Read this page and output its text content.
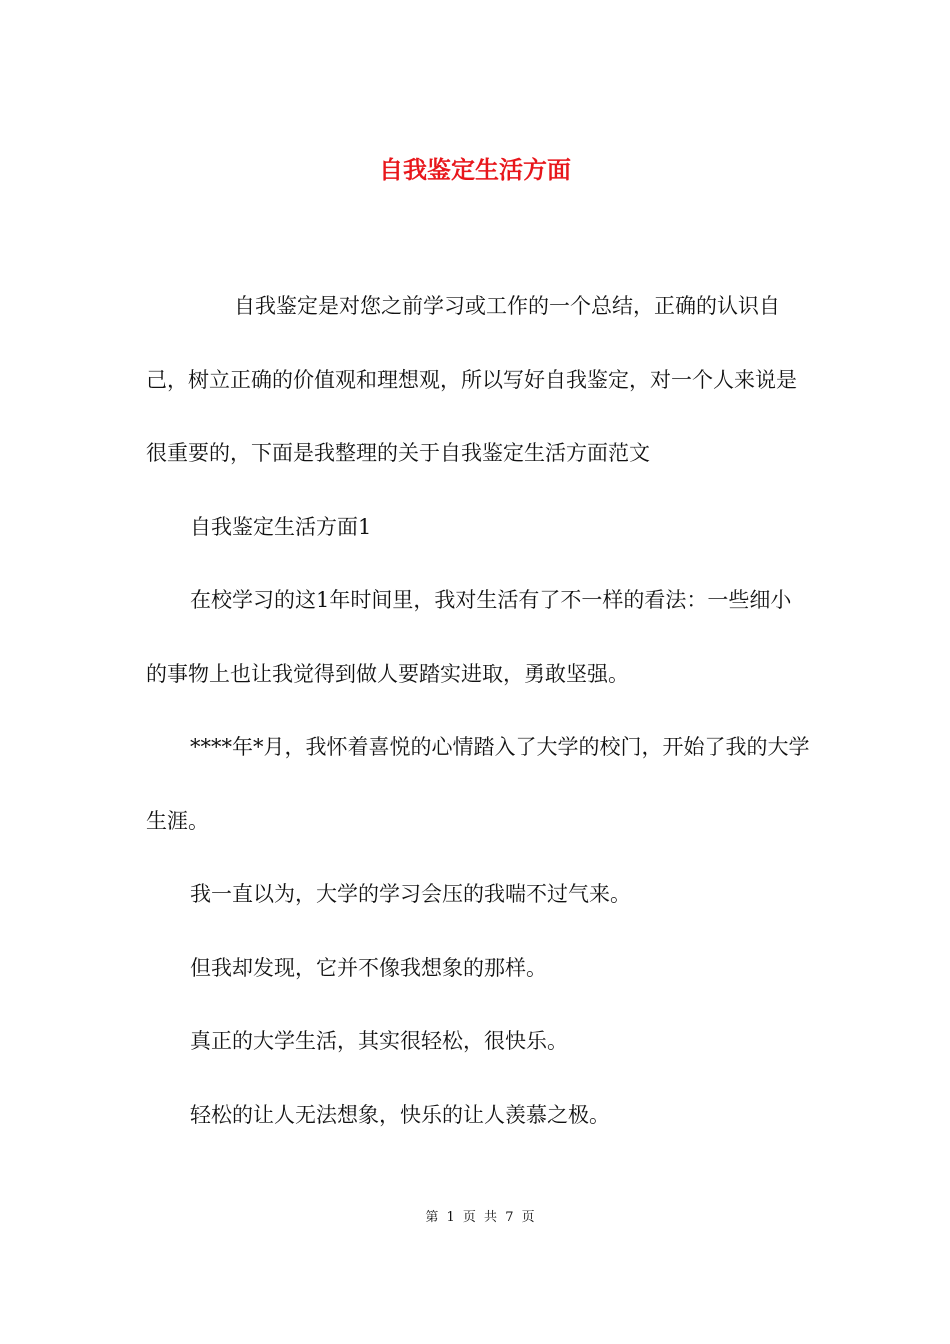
自我鉴定生活方面

自我鉴定是对您之前学习或工作的一个总结，正确的认识自己，树立正确的价值观和理想观，所以写好自我鉴定，对一个人来说是很重要的，下面是我整理的关于自我鉴定生活方面范文

自我鉴定生活方面1

在校学习的这1年时间里，我对生活有了不一样的看法：一些细小的事物上也让我觉得到做人要踏实进取，勇敢坚强。

****年*月，我怀着喜悦的心情踏入了大学的校门，开始了我的大学生涯。

我一直以为，大学的学习会压的我喘不过气来。

但我却发现，它并不像我想象的那样。

真正的大学生活，其实很轻松，很快乐。

轻松的让人无法想象，快乐的让人羡慕之极。

第 1 页 共 7 页
